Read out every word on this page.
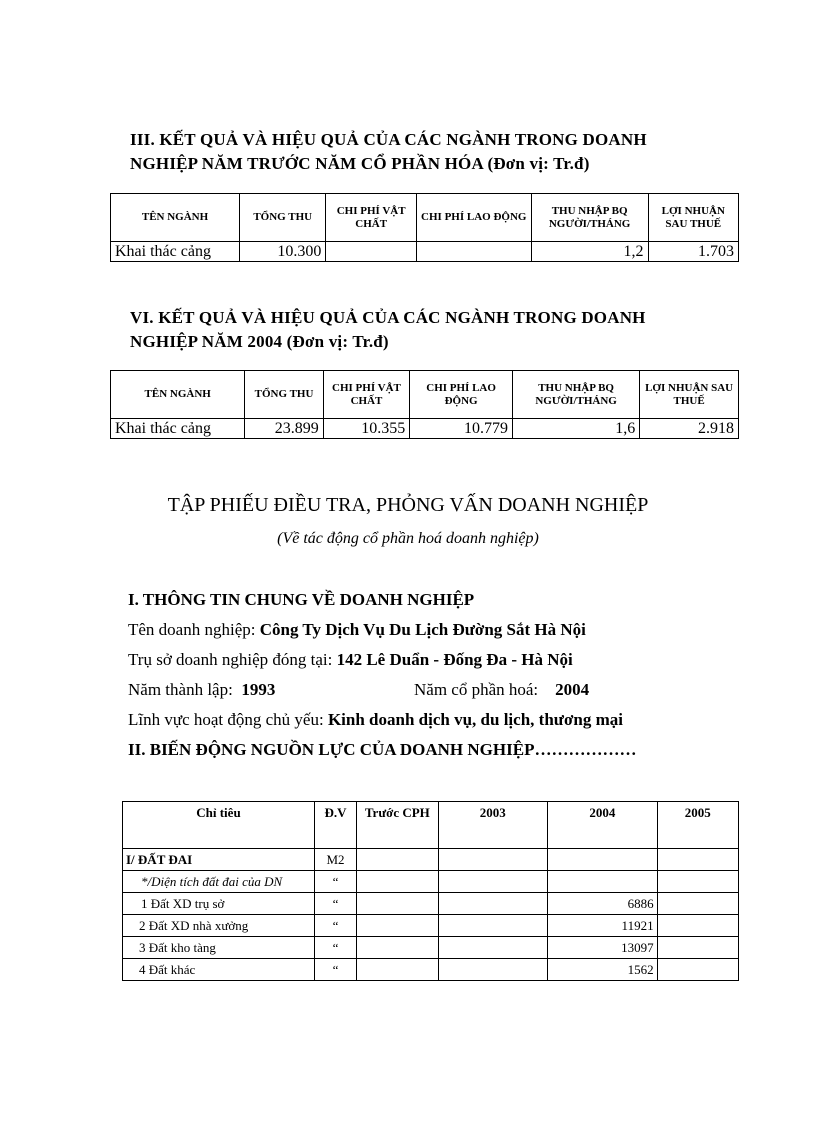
III. KẾT QUẢ VÀ HIỆU QUẢ CỦA CÁC NGÀNH TRONG DOANH
NGHIỆP NĂM TRƯỚC NĂM CỔ PHẦN HÓA (Đơn vị: Tr.đ)
TÊN NGÀNH	TỔNG THU	CHI PHÍ VẬT CHẤT	CHI PHÍ LAO ĐỘNG	THU NHẬP BQ NGƯỜI/THÁNG	LỢI NHUẬN SAU THUẾ
Khai thác cảng	10.300			1,2	1.703
VI. KẾT QUẢ VÀ HIỆU QUẢ CỦA CÁC NGÀNH TRONG DOANH
NGHIỆP NĂM 2004 (Đơn vị: Tr.đ)
TÊN NGÀNH	TỔNG THU	CHI PHÍ VẬT CHẤT	CHI PHÍ LAO ĐỘNG	THU NHẬP BQ NGƯỜI/THÁNG	LỢI NHUẬN SAU THUẾ
Khai thác cảng	23.899	10.355	10.779	1,6	2.918
TẬP PHIẾU ĐIỀU TRA, PHỎNG VẤN DOANH NGHIỆP
(Về tác động cổ phần hoá doanh nghiệp)
I. THÔNG TIN CHUNG VỀ DOANH NGHIỆP
Tên doanh nghiệp: Công Ty Dịch Vụ Du Lịch Đường Sắt Hà Nội
Trụ sở doanh nghiệp đóng tại: 142 Lê Duẩn - Đống Đa - Hà Nội
Năm thành lập:  1993	Năm cổ phần hoá:    2004
Lĩnh vực hoạt động chủ yếu: Kinh doanh dịch vụ, du lịch, thương mại
II. BIẾN ĐỘNG NGUỒN LỰC CỦA DOANH NGHIỆP………………
Chỉ tiêu	Đ.V	Trước CPH	2003	2004	2005
I/ ĐẤT ĐAI	M2				
*/Diện tích đất đai của DN	“				
1 Đất XD trụ sở	“			6886	
2 Đất XD nhà xưởng	“			11921	
3 Đất kho tàng	“			13097	
4 Đất khác	“			1562	
